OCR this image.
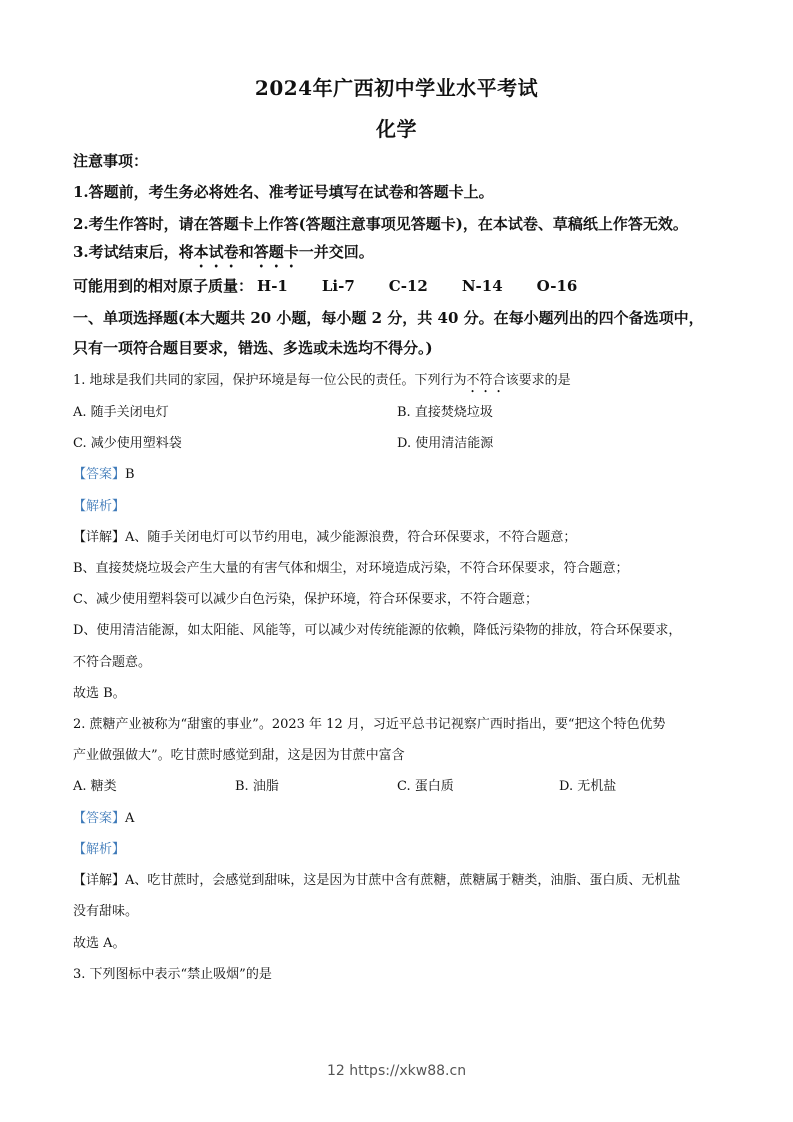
2024年广西初中学业水平考试
化学
注意事项：
1.答题前，考生务必将姓名、准考证号填写在试卷和答题卡上。
2.考生作答时，请在答题卡上作答(答题注意事项见答题卡)，在本试卷、草稿纸上作答无效。
3.考试结束后，将本试卷和答题卡一并交回。
可能用到的相对原子质量： H-1 Li-7 C-12 N-14 O-16
一、单项选择题(本大题共 20 小题，每小题 2 分，共 40 分。在每小题列出的四个备选项中，
只有一项符合题目要求，错选、多选或未选均不得分。)
1. 地球是我们共同的家园，保护环境是每一位公民的责任。下列行为不符合该要求的是
A. 随手关闭电灯	B. 直接焚烧垃圾
C. 减少使用塑料袋	D. 使用清洁能源
【答案】B
【解析】
【详解】A、随手关闭电灯可以节约用电，减少能源浪费，符合环保要求，不符合题意；
B、直接焚烧垃圾会产生大量的有害气体和烟尘，对环境造成污染，不符合环保要求，符合题意；
C、减少使用塑料袋可以减少白色污染，保护环境，符合环保要求，不符合题意；
D、使用清洁能源，如太阳能、风能等，可以减少对传统能源的依赖，降低污染物的排放，符合环保要求，
不符合题意。
故选 B。
2. 蔗糖产业被称为“甜蜜的事业”。2023 年 12 月，习近平总书记视察广西时指出，要“把这个特色优势
产业做强做大”。吃甘蔗时感觉到甜，这是因为甘蔗中富含
A. 糖类	B. 油脂	C. 蛋白质	D. 无机盐
【答案】A
【解析】
【详解】A、吃甘蔗时，会感觉到甜味，这是因为甘蔗中含有蔗糖，蔗糖属于糖类，油脂、蛋白质、无机盐
没有甜味。
故选 A。
3. 下列图标中表示“禁止吸烟”的是
12 https://xkw88.cn
